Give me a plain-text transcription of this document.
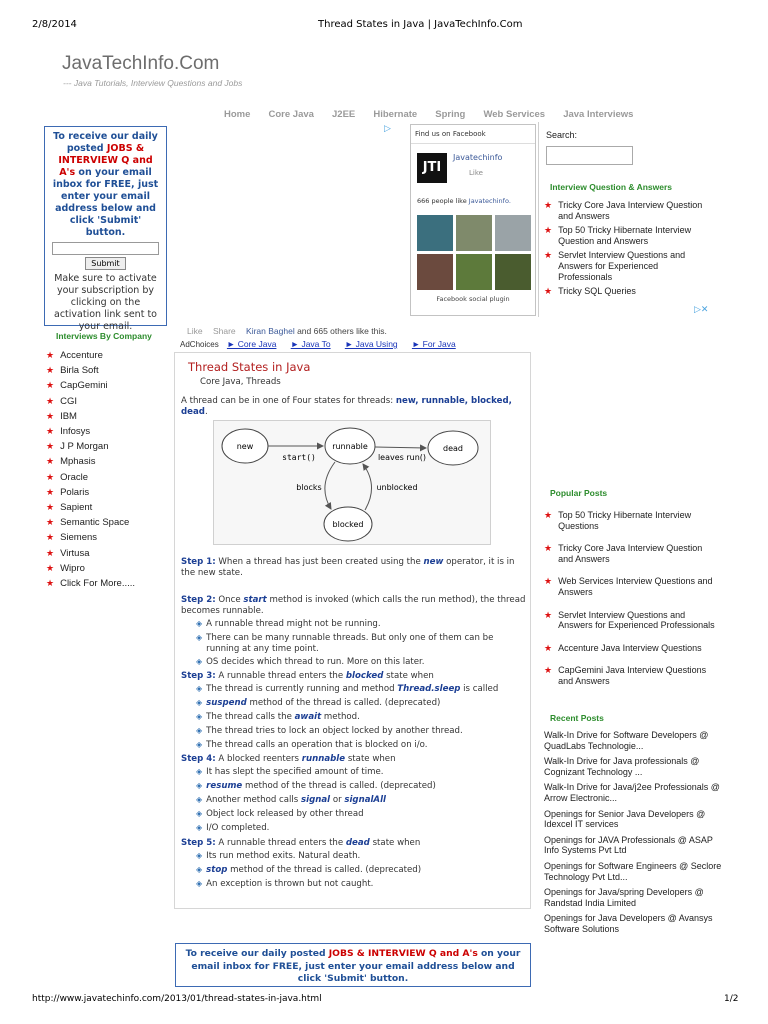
2/8/2014	Thread States in Java | JavaTechInfo.Com
JavaTechInfo.Com
--- Java Tutorials, Interview Questions and Jobs
Home Core Java J2EE Hibernate Spring Web Services Java Interviews
To receive our daily posted JOBS & INTERVIEW Q and A's on your email inbox for FREE, just enter your email address below and click 'Submit' button.
Submit
Make sure to activate your subscription by clicking on the activation link sent to your email.
Interviews By Company
★ Accenture
★ Birla Soft
★ CapGemini
★ CGI
★ IBM
★ Infosys
★ J P Morgan
★ Mphasis
★ Oracle
★ Polaris
★ Sapient
★ Semantic Space
★ Siemens
★ Virtusa
★ Wipro
★ Click For More.....
▷	Find us on Facebook
JTI
Javatechinfo
Like
666 people like Javatechinfo.
Facebook social plugin
Like Share Kiran Baghel and 665 others like this.
AdChoices ► Core Java ► Java To ► Java Using ► For Java
Thread States in Java
Core Java, Threads
A thread can be in one of Four states for threads: new, runnable, blocked, dead.
new	runnable	dead
blocked
start()	leaves run()
blocks	unblocked
Step 1: When a thread has just been created using the new operator, it is in the new state.
Step 2: Once start method is invoked (which calls the run method), the thread becomes runnable.
◈ A runnable thread might not be running.
◈ There can be many runnable threads. But only one of them can be running at any time point.
◈ OS decides which thread to run. More on this later.
Step 3: A runnable thread enters the blocked state when
◈ The thread is currently running and method Thread.sleep is called
◈ suspend method of the thread is called. (deprecated)
◈ The thread calls the await method.
◈ The thread tries to lock an object locked by another thread.
◈ The thread calls an operation that is blocked on i/o.
Step 4: A blocked reenters runnable state when
◈ It has slept the specified amount of time.
◈ resume method of the thread is called. (deprecated)
◈ Another method calls signal or signalAll
◈ Object lock released by other thread
◈ I/O completed.
Step 5: A runnable thread enters the dead state when
◈ Its run method exits. Natural death.
◈ stop method of the thread is called. (deprecated)
◈ An exception is thrown but not caught.
To receive our daily posted JOBS & INTERVIEW Q and A's on your email inbox for FREE, just enter your email address below and click 'Submit' button.
Search:
Interview Question & Answers
★ Tricky Core Java Interview Question and Answers
★ Top 50 Tricky Hibernate Interview Question and Answers
★ Servlet Interview Questions and Answers for Experienced Professionals
★ Tricky SQL Queries
▷✕
Popular Posts
★ Top 50 Tricky Hibernate Interview Questions
★ Tricky Core Java Interview Question and Answers
★ Web Services Interview Questions and Answers
★ Servlet Interview Questions and Answers for Experienced Professionals
★ Accenture Java Interview Questions
★ CapGemini Java Interview Questions and Answers
Recent Posts
Walk-In Drive for Software Developers @ QuadLabs Technologie...
Walk-In Drive for Java professionals @ Cognizant Technology ...
Walk-In Drive for Java/j2ee Professionals @ Arrow Electronic...
Openings for Senior Java Developers @ Idexcel IT services
Openings for JAVA Professionals @ ASAP Info Systems Pvt Ltd
Openings for Software Engineers @ Seclore Technology Pvt Ltd...
Openings for Java/spring Developers @ Randstad India Limited
Openings for Java Developers @ Avansys Software Solutions
http://www.javatechinfo.com/2013/01/thread-states-in-java.html	1/2
